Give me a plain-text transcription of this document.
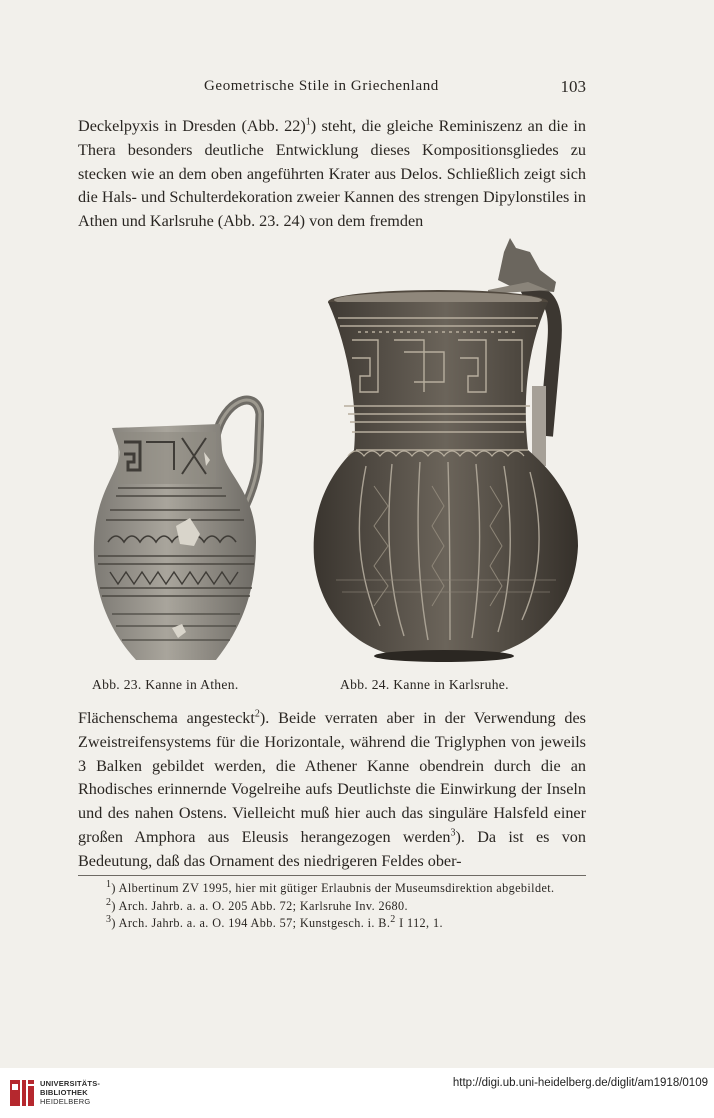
Geometrische Stile in Griechenland	103

Deckelpyxis in Dresden (Abb. 22)$^1$) steht, die gleiche Reminiszenz an die in Thera besonders deutliche Entwicklung dieses Kompositionsgliedes zu stecken wie an dem oben angeführten Krater aus Delos. Schließlich zeigt sich die Hals- und Schulterdekoration zweier Kannen des strengen Dipylonstiles in Athen und Karlsruhe (Abb. 23. 24) von dem fremden

Abb. 23. Kanne in Athen.	Abb. 24. Kanne in Karlsruhe.

Flächenschema angesteckt$^2$). Beide verraten aber in der Verwendung des Zweistreifensystems für die Horizontale, während die Triglyphen von jeweils 3 Balken gebildet werden, die Athener Kanne obendrein durch die an Rhodisches erinnernde Vogelreihe aufs Deutlichste die Einwirkung der Inseln und des nahen Ostens. Vielleicht muß hier auch das singuläre Halsfeld einer großen Amphora aus Eleusis herangezogen werden$^3$). Da ist es von Bedeutung, daß das Ornament des niedrigeren Feldes ober-

$^1$) Albertinum ZV 1995, hier mit gütiger Erlaubnis der Museumsdirektion abgebildet.

$^2$) Arch. Jahrb. a. a. O. 205 Abb. 72; Karlsruhe Inv. 2680.

$^3$) Arch. Jahrb. a. a. O. 194 Abb. 57; Kunstgesch. i. B.$^2$ I 112, 1.

UNIVERSITÄTS-
BIBLIOTHEK
HEIDELBERG
http://digi.ub.uni-heidelberg.de/diglit/am1918/0109
